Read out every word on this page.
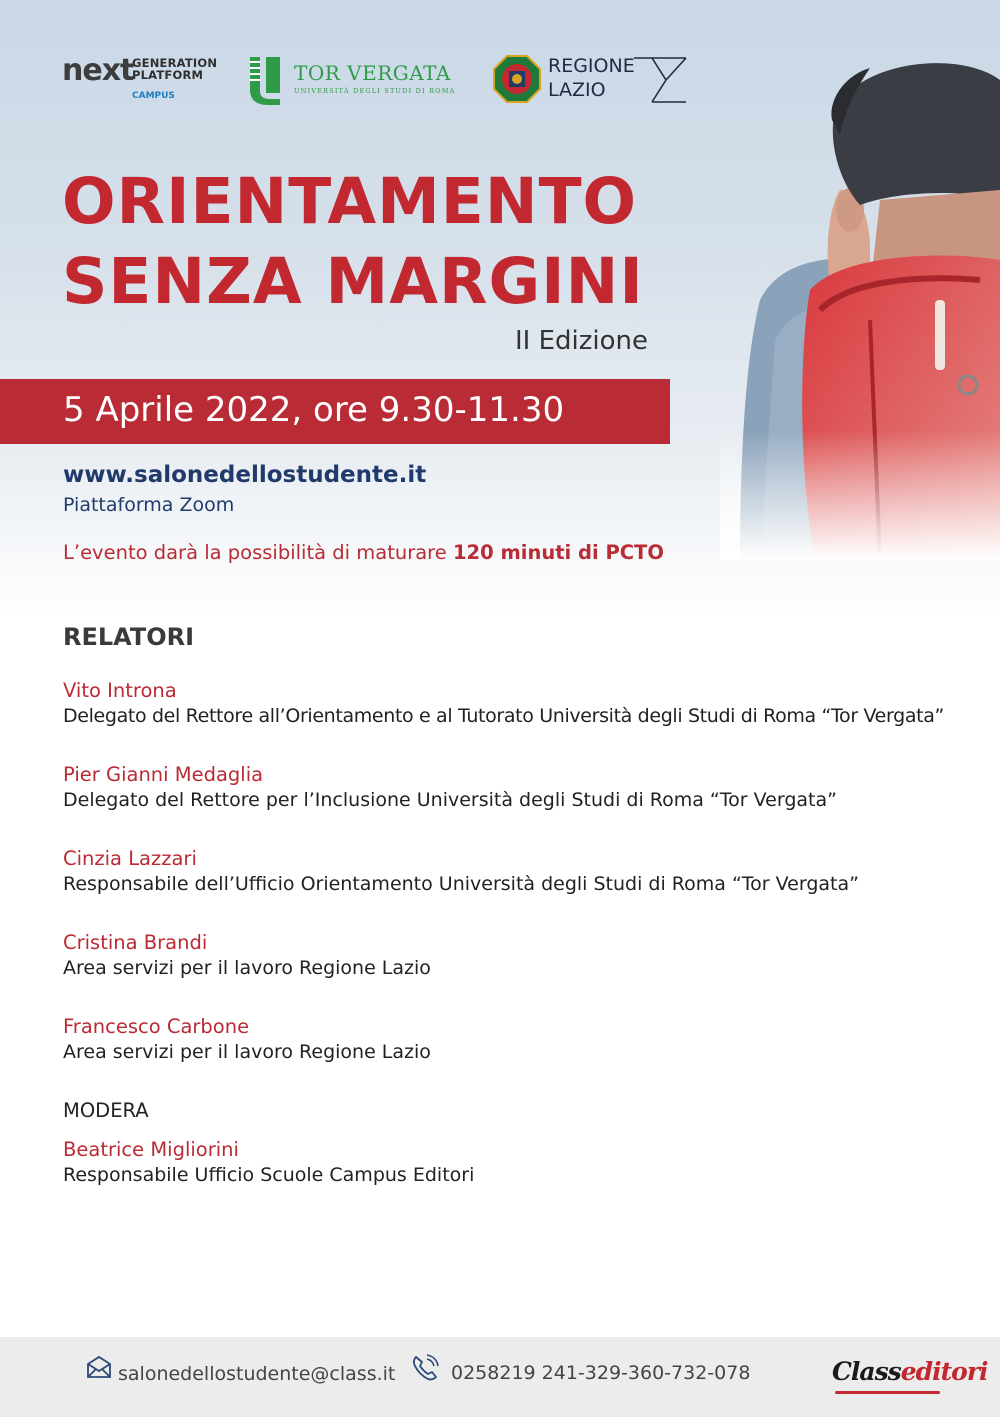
next
GENERATION
PLATFORM
CAMPUS
TOR VERGATA
UNIVERSITÀ DEGLI STUDI DI ROMA
REGIONE
LAZIO
ORIENTAMENTO
SENZA MARGINI
II Edizione
5 Aprile 2022, ore 9.30-11.30
www.salonedellostudente.it
Piattaforma Zoom
L’evento darà la possibilità di maturare 120 minuti di PCTO
RELATORI
Vito Introna
Delegato del Rettore all’Orientamento e al Tutorato Università degli Studi di Roma “Tor Vergata”
Pier Gianni Medaglia
Delegato del Rettore per l’Inclusione Università degli Studi di Roma “Tor Vergata”
Cinzia Lazzari
Responsabile dell’Ufficio Orientamento Università degli Studi di Roma “Tor Vergata”
Cristina Brandi
Area servizi per il lavoro Regione Lazio
Francesco Carbone
Area servizi per il lavoro Regione Lazio
MODERA
Beatrice Migliorini
Responsabile Ufficio Scuole Campus Editori
salonedellostudente@class.it	0258219 241-329-360-732-078	Classeditori
